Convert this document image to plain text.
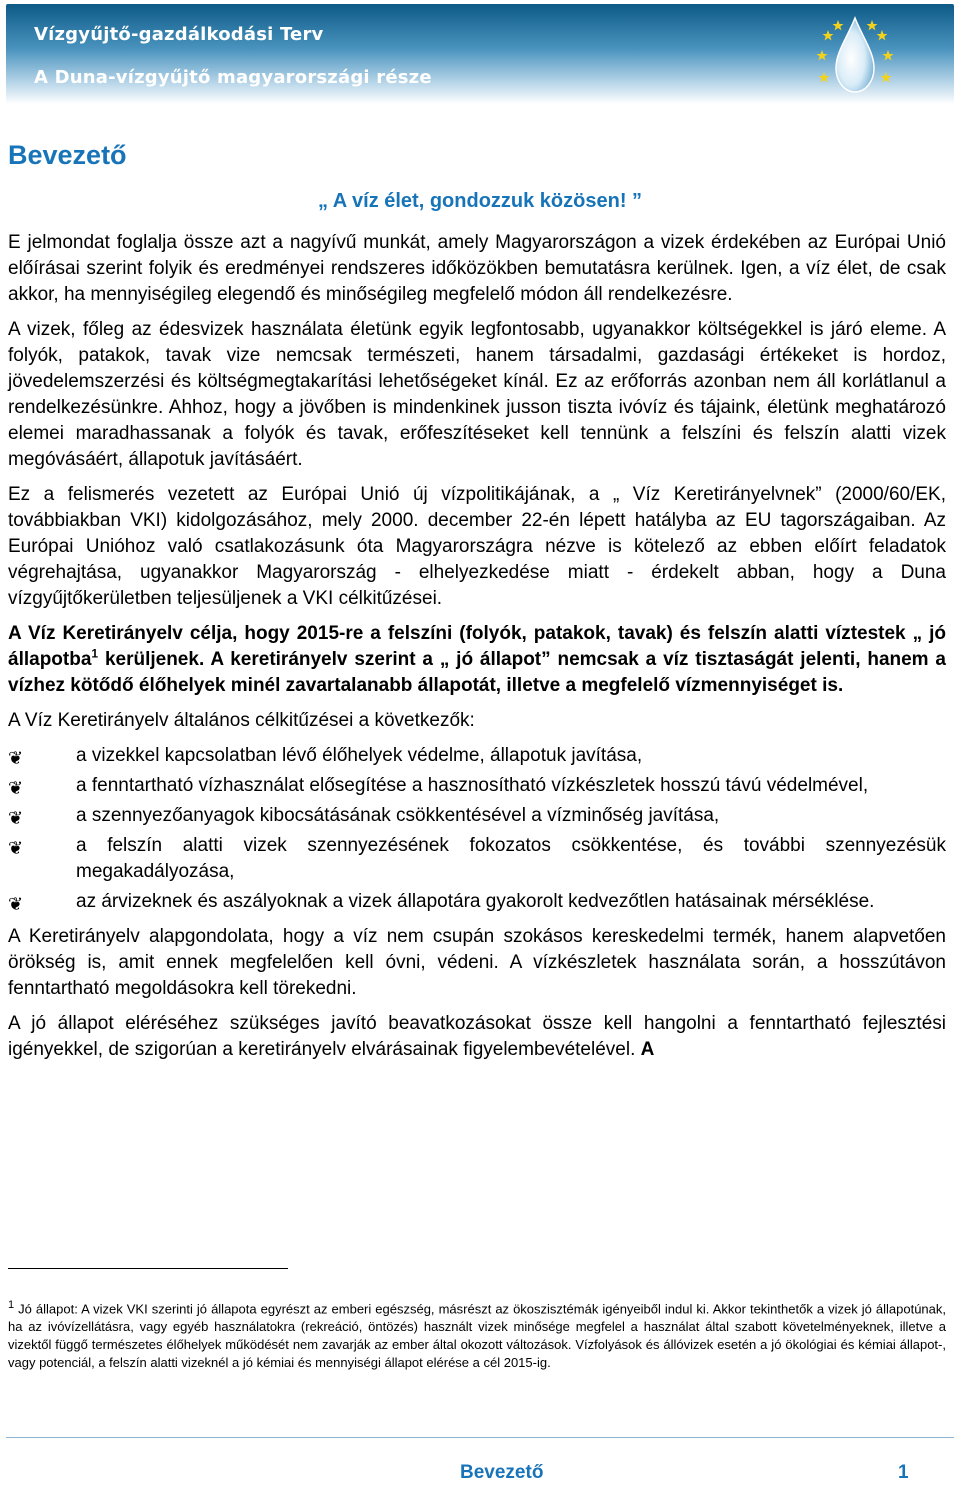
Vízgyűjtő-gazdálkodási Terv
A Duna-vízgyűjtő magyarországi része
Bevezető
„ A víz élet, gondozzuk közösen! ”

E jelmondat foglalja össze azt a nagyívű munkát, amely Magyarországon a vizek érdekében az Európai Unió előírásai szerint folyik és eredményei rendszeres időközökben bemutatásra kerülnek. Igen, a víz élet, de csak akkor, ha mennyiségileg elegendő és minőségileg megfelelő módon áll rendelkezésre.

A vizek, főleg az édesvizek használata életünk egyik legfontosabb, ugyanakkor költségekkel is járó eleme. A folyók, patakok, tavak vize nemcsak természeti, hanem társadalmi, gazdasági értékeket is hordoz, jövedelemszerzési és költségmegtakarítási lehetőségeket kínál. Ez az erőforrás azonban nem áll korlátlanul a rendelkezésünkre. Ahhoz, hogy a jövőben is mindenkinek jusson tiszta ivóvíz és tájaink, életünk meghatározó elemei maradhassanak a folyók és tavak, erőfeszítéseket kell tennünk a felszíni és felszín alatti vizek megóvásáért, állapotuk javításáért.

Ez a felismerés vezetett az Európai Unió új vízpolitikájának, a „ Víz Keretirányelvnek” (2000/60/EK, továbbiakban VKI) kidolgozásához, mely 2000. december 22-én lépett hatályba az EU tagországaiban. Az Európai Unióhoz való csatlakozásunk óta Magyarországra nézve is kötelező az ebben előírt feladatok végrehajtása, ugyanakkor Magyarország - elhelyezkedése miatt - érdekelt abban, hogy a Duna vízgyűjtőkerületben teljesüljenek a VKI célkitűzései.

A Víz Keretirányelv célja, hogy 2015-re a felszíni (folyók, patakok, tavak) és felszín alatti víztestek „ jó állapotba$^1$ kerüljenek. A keretirányelv szerint a „ jó állapot” nemcsak a víz tisztaságát jelenti, hanem a vízhez kötődő élőhelyek minél zavartalanabb állapotát, illetve a megfelelő vízmennyiséget is.

A Víz Keretirányelv általános célkitűzései a következők:

❦	a vizekkel kapcsolatban lévő élőhelyek védelme, állapotuk javítása,
❦	a fenntartható vízhasználat elősegítése a hasznosítható vízkészletek hosszú távú védelmével,
❦	a szennyezőanyagok kibocsátásának csökkentésével a vízminőség javítása,
❦	a felszín alatti vizek szennyezésének fokozatos csökkentése, és további szennyezésük megakadályozása,
❦	az árvizeknek és aszályoknak a vizek állapotára gyakorolt kedvezőtlen hatásainak mérséklése.

A Keretirányelv alapgondolata, hogy a víz nem csupán szokásos kereskedelmi termék, hanem alapvetően örökség is, amit ennek megfelelően kell óvni, védeni. A vízkészletek használata során, a hosszútávon fenntartható megoldásokra kell törekedni.

A jó állapot eléréséhez szükséges javító beavatkozásokat össze kell hangolni a fenntartható fejlesztési igényekkel, de szigorúan a keretirányelv elvárásainak figyelembevételével. A

$^1$ Jó állapot: A vizek VKI szerinti jó állapota egyrészt az emberi egészség, másrészt az ökoszisztémák igényeiből indul ki. Akkor tekinthetők a vizek jó állapotúnak, ha az ivóvízellátásra, vagy egyéb használatokra (rekreáció, öntözés) használt vizek minősége megfelel a használat által szabott követelményeknek, illetve a vizektől függő természetes élőhelyek működését nem zavarják az ember által okozott változások. Vízfolyások és állóvizek esetén a jó ökológiai és kémiai állapot-, vagy potenciál, a felszín alatti vizeknél a jó kémiai és mennyiségi állapot elérése a cél 2015-ig.
Bevezető	1
